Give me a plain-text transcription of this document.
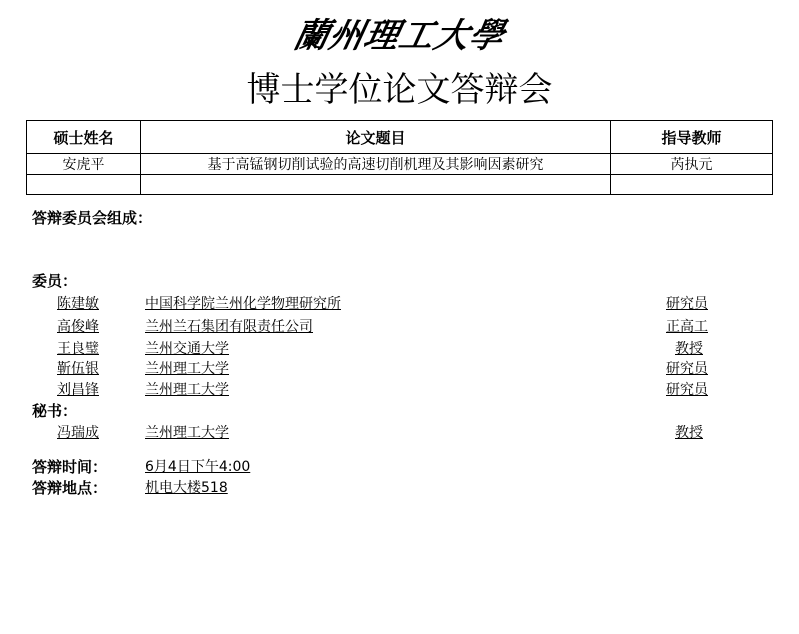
蘭州理工大學
博士学位论文答辩会
硕士姓名	论文题目	指导教师
安虎平	基于高锰钢切削试验的高速切削机理及其影响因素研究	芮执元

答辩委员会组成：
委员：
陈建敏	中国科学院兰州化学物理研究所	研究员
高俊峰	兰州兰石集团有限责任公司	正高工
王良璧	兰州交通大学	教授
靳伍银	兰州理工大学	研究员
刘昌锋	兰州理工大学	研究员
秘书：
冯瑞成	兰州理工大学	教授
答辩时间：	6月4日下午4:00
答辩地点：	机电大楼518
